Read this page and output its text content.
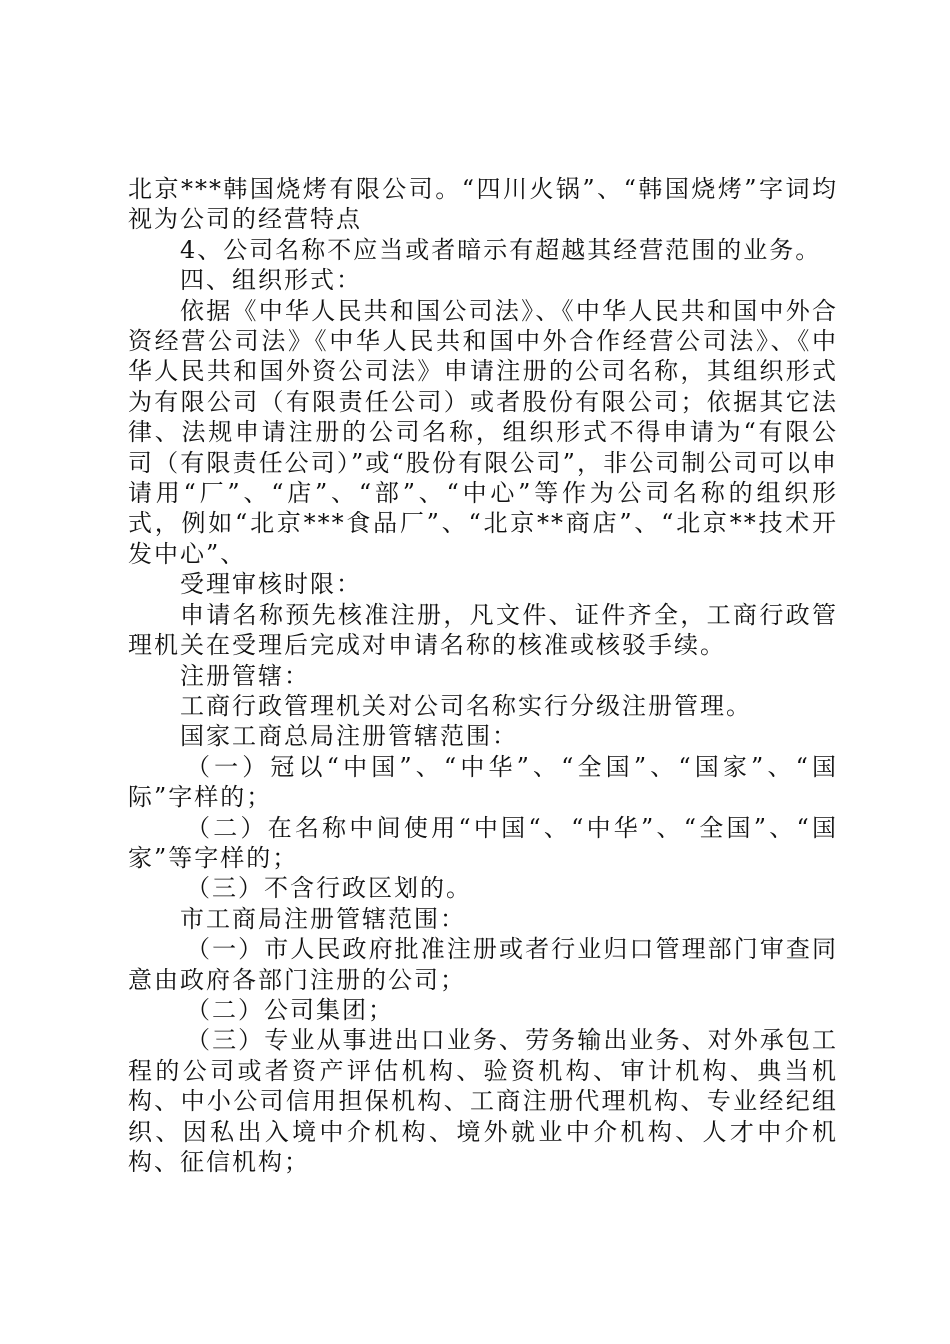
北京***韩国烧烤有限公司。“四川火锅”、“韩国烧烤”字词均视为公司的经营特点

4、公司名称不应当或者暗示有超越其经营范围的业务。

四、组织形式：

依据《中华人民共和国公司法》、《中华人民共和国中外合资经营公司法》《中华人民共和国中外合作经营公司法》、《中华人民共和国外资公司法》申请注册的公司名称，其组织形式为有限公司（有限责任公司）或者股份有限公司；依据其它法律、法规申请注册的公司名称，组织形式不得申请为“有限公司（有限责任公司）”或“股份有限公司”，非公司制公司可以申请用“厂”、“店”、“部”、“中心”等作为公司名称的组织形式，例如“北京***食品厂”、“北京**商店”、“北京**技术开发中心”、

受理审核时限：

申请名称预先核准注册，凡文件、证件齐全，工商行政管理机关在受理后完成对申请名称的核准或核驳手续。

注册管辖：

工商行政管理机关对公司名称实行分级注册管理。

国家工商总局注册管辖范围：

（一）冠以“中国”、“中华”、“全国”、“国家”、“国际”字样的；

（二）在名称中间使用“中国“、“中华”、“全国”、“国家”等字样的；

（三）不含行政区划的。

市工商局注册管辖范围：

（一）市人民政府批准注册或者行业归口管理部门审查同意由政府各部门注册的公司；

（二）公司集团；

（三）专业从事进出口业务、劳务输出业务、对外承包工程的公司或者资产评估机构、验资机构、审计机构、典当机构、中小公司信用担保机构、工商注册代理机构、专业经纪组织、因私出入境中介机构、境外就业中介机构、人才中介机构、征信机构；
